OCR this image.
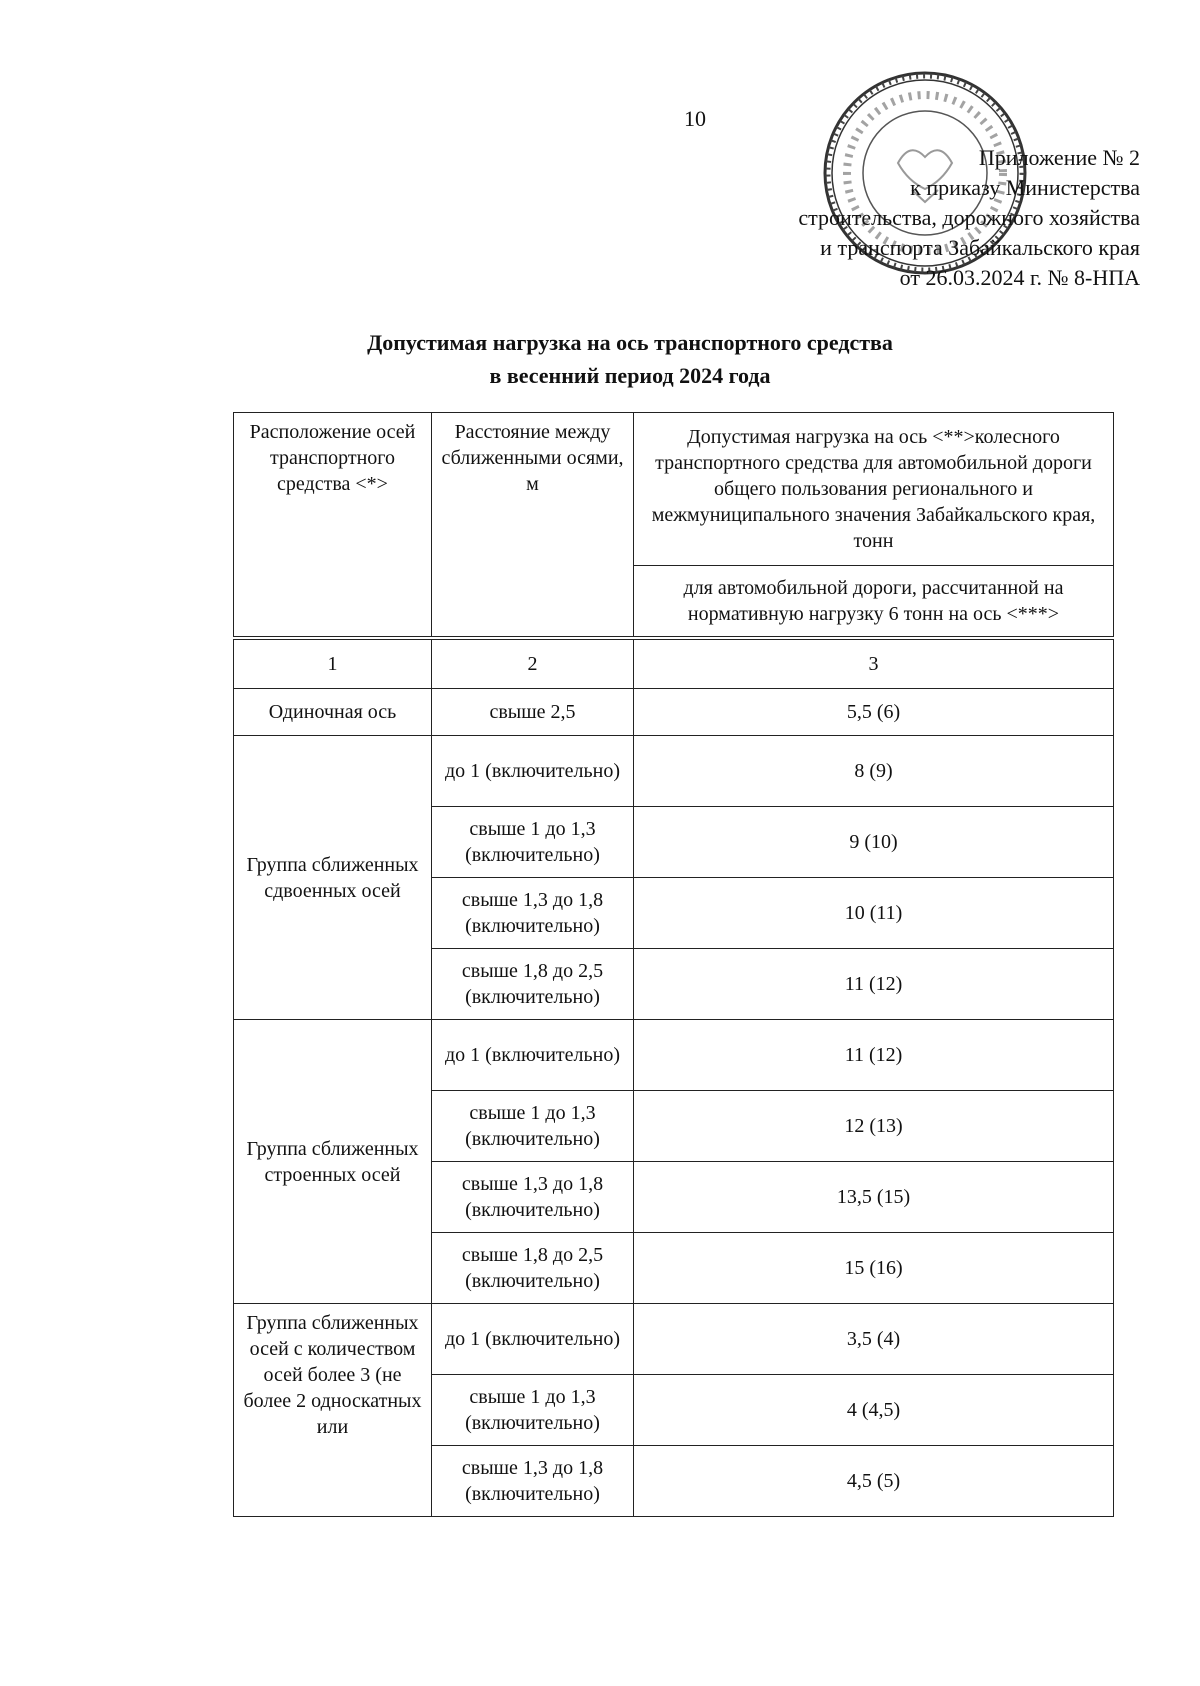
10
Приложение № 2
к приказу Министерства
строительства, дорожного хозяйства
и транспорта Забайкальского края
от 26.03.2024 г. № 8-НПА
Допустимая нагрузка на ось транспортного средства
в весенний период 2024 года
Расположение осей транспортного средства <*>	Расстояние между сближенными осями, м	Допустимая нагрузка на ось <**>колесного транспортного средства для автомобильной дороги общего пользования регионального и межмуниципального значения Забайкальского края, тонн
		для автомобильной дороги, рассчитанной на нормативную нагрузку 6 тонн на ось <***>
1	2	3
Одиночная ось	свыше 2,5	5,5 (6)
Группа сближенных сдвоенных осей	до 1 (включительно)	8 (9)
	свыше 1 до 1,3 (включительно)	9 (10)
	свыше 1,3 до 1,8 (включительно)	10 (11)
	свыше 1,8 до 2,5 (включительно)	11 (12)
Группа сближенных строенных осей	до 1 (включительно)	11 (12)
	свыше 1 до 1,3 (включительно)	12 (13)
	свыше 1,3 до 1,8 (включительно)	13,5 (15)
	свыше 1,8 до 2,5 (включительно)	15 (16)
Группа сближенных осей с количеством осей более 3 (не более 2 односкатных или	до 1 (включительно)	3,5 (4)
	свыше 1 до 1,3 (включительно)	4 (4,5)
	свыше 1,3 до 1,8 (включительно)	4,5 (5)
